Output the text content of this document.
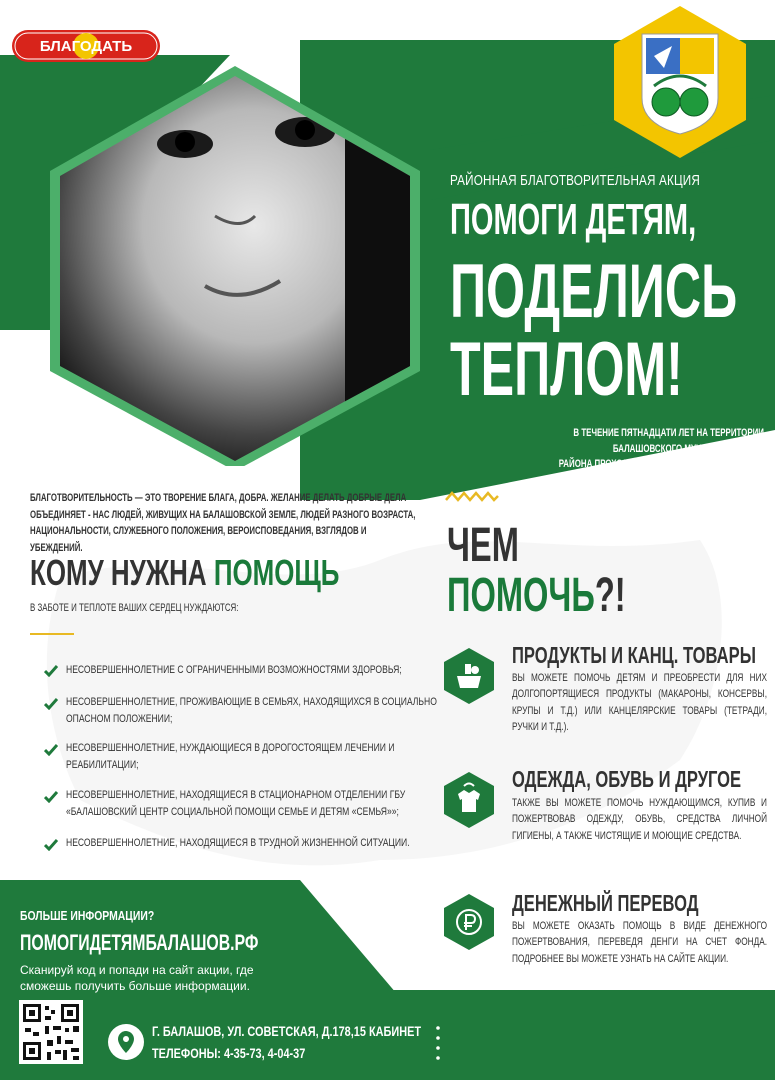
БЛАГОДАТЬ
РАЙОННАЯ БЛАГОТВОРИТЕЛЬНАЯ АКЦИЯ
ПОМОГИ ДЕТЯМ,
ПОДЕЛИСЬ
ТЕПЛОМ!

В ТЕЧЕНИЕ ПЯТНАДЦАТИ ЛЕТ НА ТЕРРИТОРИИ

БАЛАШОВСКОГО МУНИЦИПАЛЬНОГО

РАЙОНА ПРОХОДИТ БЛАГОТВОРИТЕЛЬНАЯ АКЦИЯ

«ПОМОГИ ДЕТЯМ, ПОДЕЛИСЬ ТЕПЛОМ!»

В ПЕРИОД С 15 ДЕКАБРЯ ПО 15 ФЕВРАЛЯ.

БЛАГОТВОРИТЕЛЬНОСТЬ — ЭТО ТВОРЕНИЕ БЛАГА, ДОБРА. ЖЕЛАНИЕ ДЕЛАТЬ ДОБРЫЕ ДЕЛА ОБЪЕДИНЯЕТ - НАС ЛЮДЕЙ, ЖИВУЩИХ НА БАЛАШОВСКОЙ ЗЕМЛЕ, ЛЮДЕЙ РАЗНОГО ВОЗРАСТА, НАЦИОНАЛЬНОСТИ, СЛУЖЕБНОГО ПОЛОЖЕНИЯ, ВЕРОИСПОВЕДАНИЯ, ВЗГЛЯДОВ И УБЕЖДЕНИЙ.
КОМУ НУЖНА ПОМОЩЬ
В ЗАБОТЕ И ТЕПЛОТЕ ВАШИХ СЕРДЕЦ НУЖДАЮТСЯ:
НЕСОВЕРШЕННОЛЕТНИЕ С ОГРАНИЧЕННЫМИ ВОЗМОЖНОСТЯМИ ЗДОРОВЬЯ;
НЕСОВЕРШЕННОЛЕТНИЕ, ПРОЖИВАЮЩИЕ В СЕМЬЯХ, НАХОДЯЩИХСЯ В СОЦИАЛЬНО ОПАСНОМ ПОЛОЖЕНИИ;
НЕСОВЕРШЕННОЛЕТНИЕ, НУЖДАЮЩИЕСЯ В ДОРОГОСТОЯЩЕМ ЛЕЧЕНИИ И РЕАБИЛИТАЦИИ;
НЕСОВЕРШЕННОЛЕТНИЕ, НАХОДЯЩИЕСЯ В СТАЦИОНАРНОМ ОТДЕЛЕНИИ ГБУ «БАЛАШОВСКИЙ ЦЕНТР СОЦИАЛЬНОЙ ПОМОЩИ СЕМЬЕ И ДЕТЯМ «СЕМЬЯ»»;
НЕСОВЕРШЕННОЛЕТНИЕ, НАХОДЯЩИЕСЯ В ТРУДНОЙ ЖИЗНЕННОЙ СИТУАЦИИ.
ЧЕМ
ПОМОЧЬ?!
ПРОДУКТЫ И КАНЦ. ТОВАРЫ
ВЫ МОЖЕТЕ ПОМОЧЬ ДЕТЯМ И ПРЕОБРЕСТИ ДЛЯ НИХ ДОЛГОПОРТЯЩИЕСЯ ПРОДУКТЫ (МАКАРОНЫ, КОНСЕРВЫ, КРУПЫ И Т.Д.) ИЛИ КАНЦЕЛЯРСКИЕ ТОВАРЫ (ТЕТРАДИ, РУЧКИ И Т.Д.).
ОДЕЖДА, ОБУВЬ И ДРУГОЕ
ТАКЖЕ ВЫ МОЖЕТЕ ПОМОЧЬ НУЖДАЮЩИМСЯ, КУПИВ И ПОЖЕРТВОВАВ ОДЕЖДУ, ОБУВЬ, СРЕДСТВА ЛИЧНОЙ ГИГИЕНЫ, А ТАКЖЕ ЧИСТЯЩИЕ И МОЮЩИЕ СРЕДСТВА.
ДЕНЕЖНЫЙ ПЕРЕВОД
ВЫ МОЖЕТЕ ОКАЗАТЬ ПОМОЩЬ В ВИДЕ ДЕНЕЖНОГО ПОЖЕРТВОВАНИЯ, ПЕРЕВЕДЯ ДЕНГИ НА СЧЕТ ФОНДА. ПОДРОБНЕЕ ВЫ МОЖЕТЕ УЗНАТЬ НА САЙТЕ АКЦИИ.
БОЛЬШЕ ИНФОРМАЦИИ?
ПОМОГИДЕТЯМБАЛАШОВ.РФ
Сканируй код и попади на сайт акции, где сможешь получить больше информации.
Г. БАЛАШОВ, УЛ. СОВЕТСКАЯ, Д.178,15 КАБИНЕТ
ТЕЛЕФОНЫ: 4-35-73, 4-04-37
